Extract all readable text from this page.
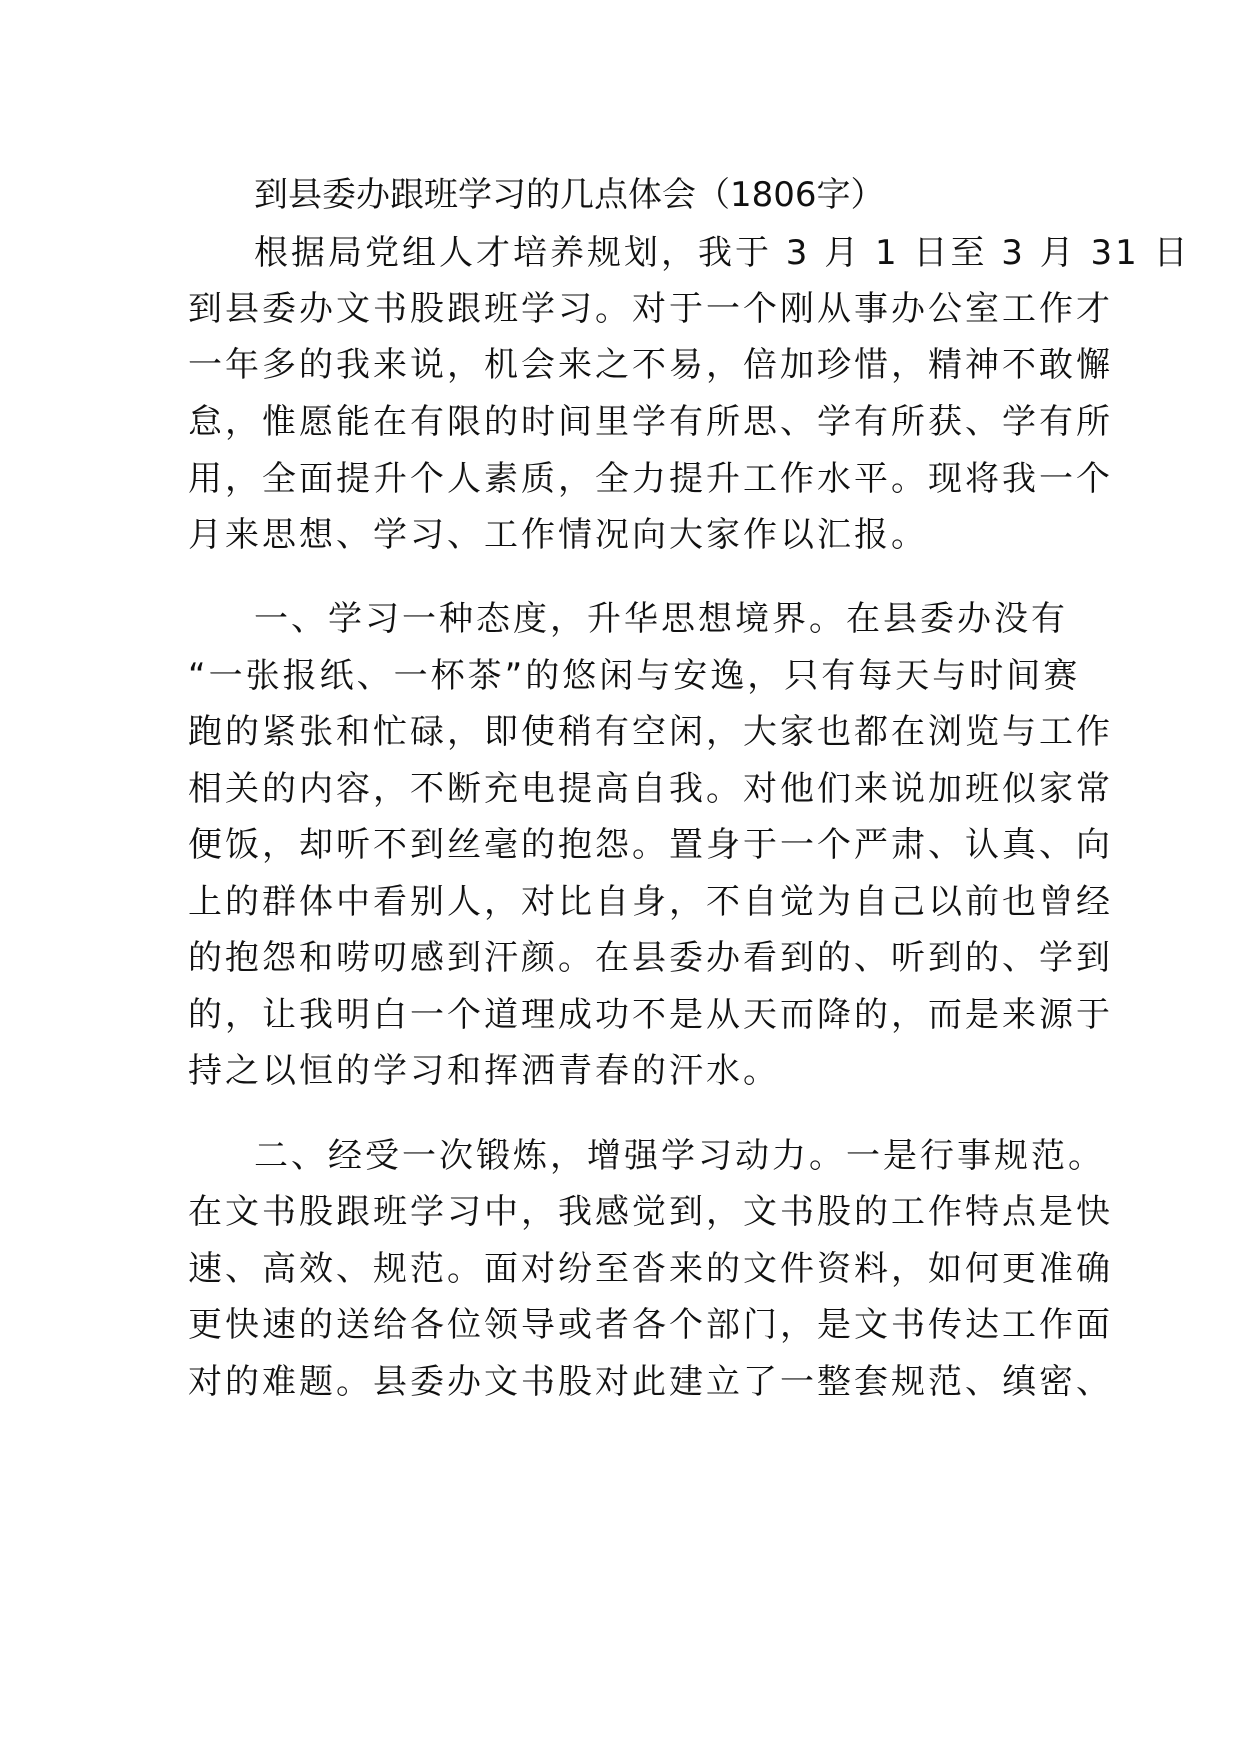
到县委办跟班学习的几点体会（1806字）

根据局党组人才培养规划，我于 3 月 1 日至 3 月 31 日

到县委办文书股跟班学习。对于一个刚从事办公室工作才

一年多的我来说，机会来之不易，倍加珍惜，精神不敢懈

怠，惟愿能在有限的时间里学有所思、学有所获、学有所

用，全面提升个人素质，全力提升工作水平。现将我一个

月来思想、学习、工作情况向大家作以汇报。

一、学习一种态度，升华思想境界。在县委办没有

“一张报纸、一杯茶”的悠闲与安逸，只有每天与时间赛

跑的紧张和忙碌，即使稍有空闲，大家也都在浏览与工作

相关的内容，不断充电提高自我。对他们来说加班似家常

便饭，却听不到丝毫的抱怨。置身于一个严肃、认真、向

上的群体中看别人，对比自身，不自觉为自己以前也曾经

的抱怨和唠叨感到汗颜。在县委办看到的、听到的、学到

的，让我明白一个道理成功不是从天而降的，而是来源于

持之以恒的学习和挥洒青春的汗水。

二、经受一次锻炼，增强学习动力。一是行事规范。

在文书股跟班学习中，我感觉到，文书股的工作特点是快

速、高效、规范。面对纷至沓来的文件资料，如何更准确

更快速的送给各位领导或者各个部门，是文书传达工作面

对的难题。县委办文书股对此建立了一整套规范、缜密、
